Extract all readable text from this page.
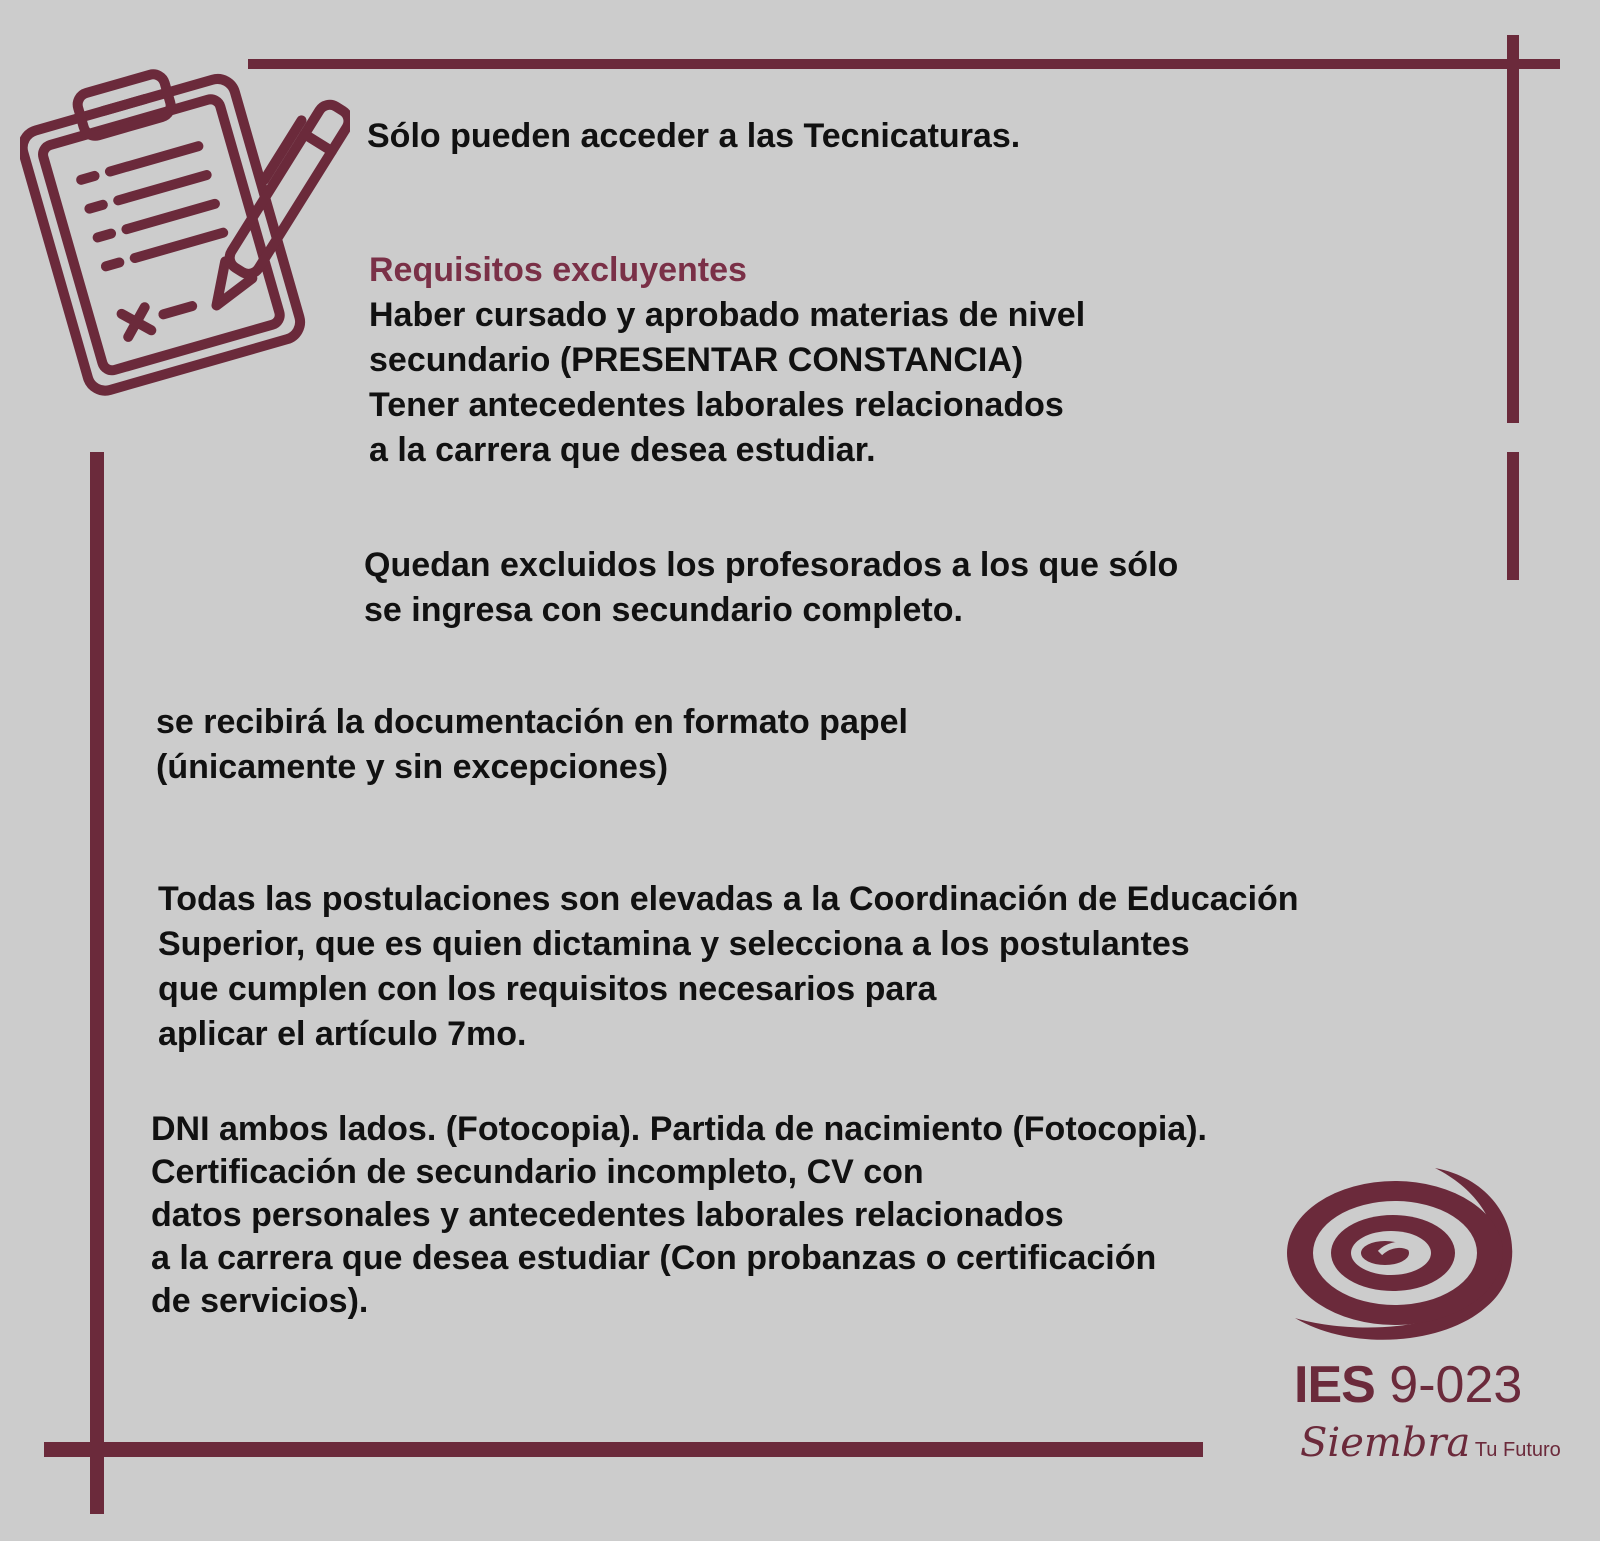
Sólo pueden acceder a las Tecnicaturas.

Requisitos excluyentes
Haber cursado y aprobado materias de nivel
secundario (PRESENTAR CONSTANCIA)
Tener antecedentes laborales relacionados
a la carrera que desea estudiar.

Quedan excluidos los profesorados a los que sólo
se ingresa con secundario completo.

se recibirá la documentación en formato papel
(únicamente y sin excepciones)

Todas las postulaciones son elevadas a la Coordinación de Educación
Superior, que es quien dictamina y selecciona a los postulantes
que cumplen con los requisitos necesarios para
aplicar el artículo 7mo.

DNI ambos lados. (Fotocopia). Partida de nacimiento (Fotocopia).
Certificación de secundario incompleto, CV con
datos personales y antecedentes laborales relacionados
a la carrera que desea estudiar (Con probanzas o certificación
de servicios).

IES 9-023
Siembra Tu Futuro
